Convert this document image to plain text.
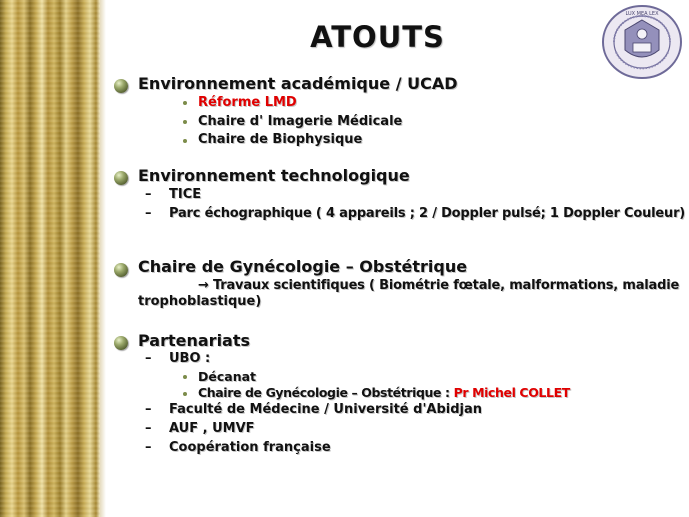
ATOUTS
LUX MEA LEX
Environnement académique / UCAD
Réforme LMD
Chaire d' Imagerie Médicale
Chaire de Biophysique
Environnement technologique
– TICE
– Parc échographique ( 4 appareils ; 2 / Doppler pulsé; 1 Doppler Couleur)
Chaire de Gynécologie – Obstétrique
→ Travaux scientifiques ( Biométrie fœtale, malformations, maladie
trophoblastique)
Partenariats
– UBO :
Décanat
Chaire de Gynécologie – Obstétrique : Pr Michel COLLET
– Faculté de Médecine / Université d'Abidjan
– AUF , UMVF
– Coopération française
